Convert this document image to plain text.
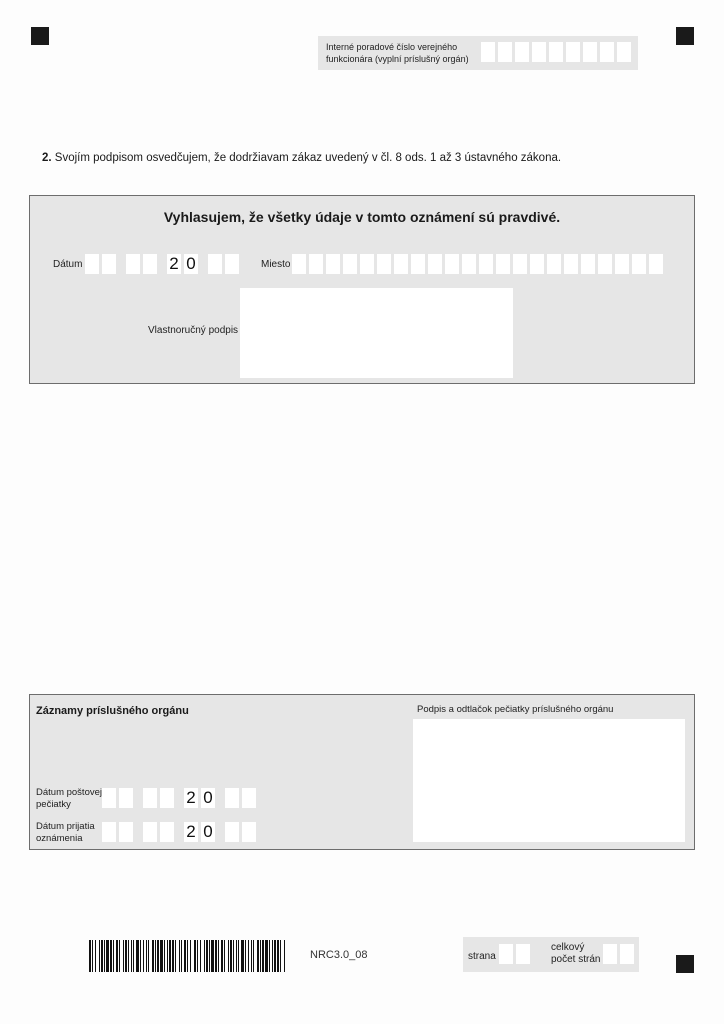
Interné poradové číslo verejného
funkcionára (vyplní príslušný orgán)
2. Svojím podpisom osvedčujem, že dodržiavam zákaz uvedený v čl. 8 ods. 1 až 3 ústavného zákona.
Vyhlasujem, že všetky údaje v tomto oznámení sú pravdivé.
Dátum	2 0	Miesto
Vlastnoručný podpis
Záznamy príslušného orgánu	Podpis a odtlačok pečiatky príslušného orgánu
Dátum poštovej
pečiatky	2 0
Dátum prijatia
oznámenia	2 0
NRC3.0_08	strana
celkový
počet strán
